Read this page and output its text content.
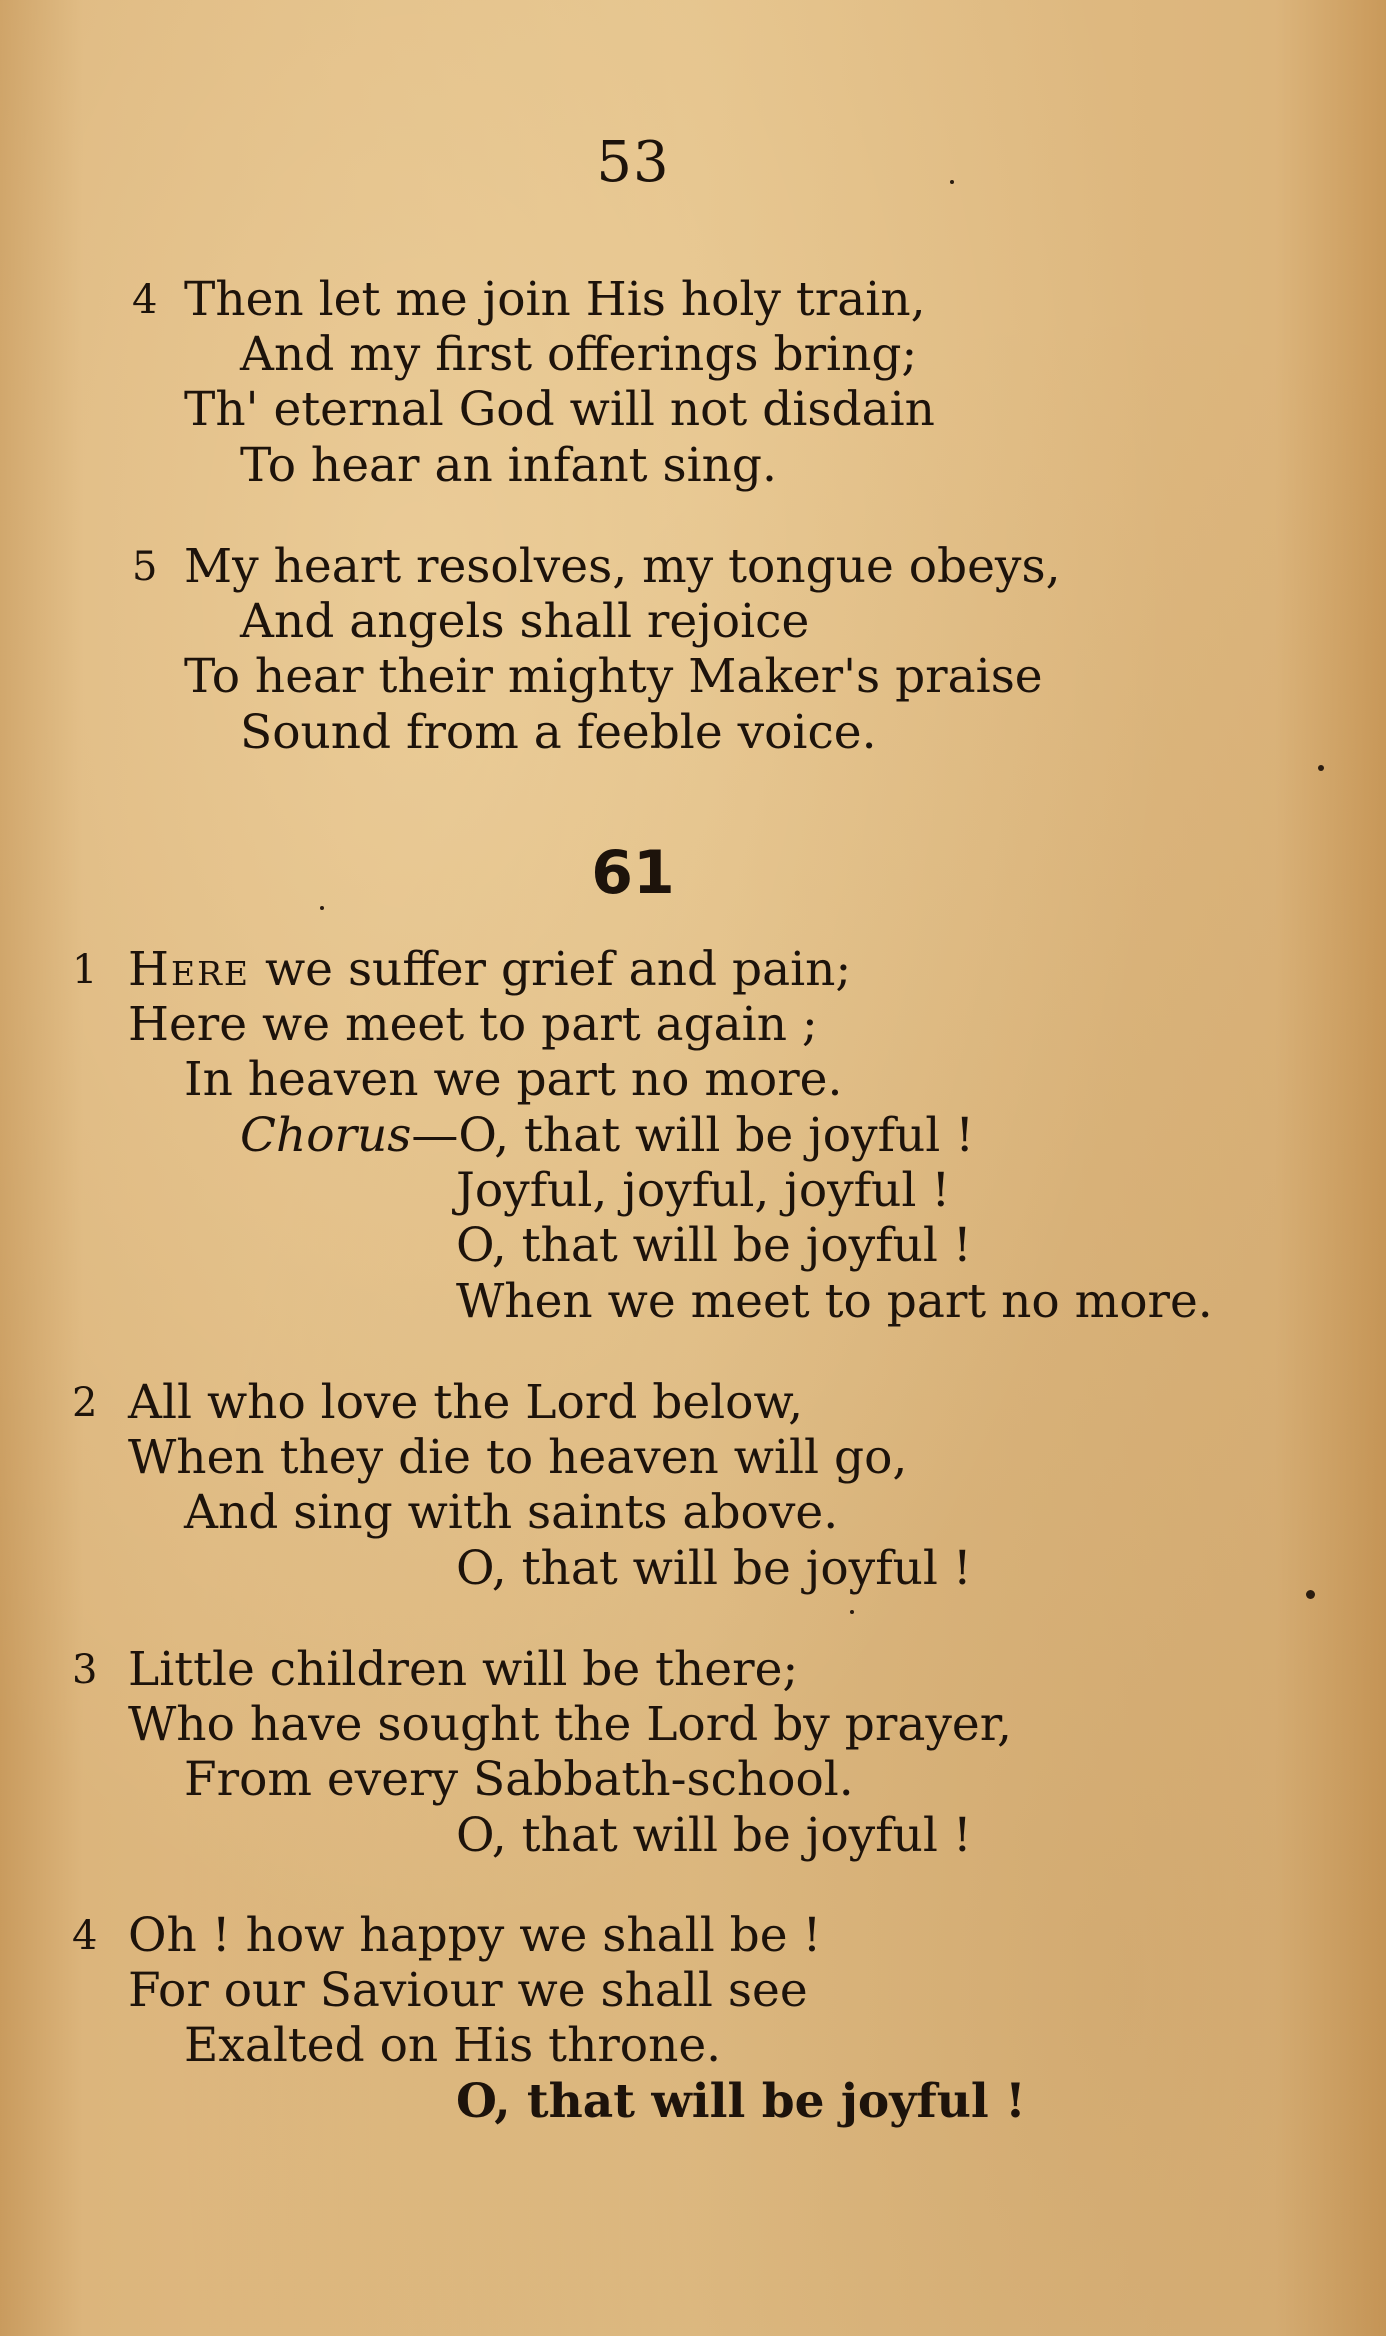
53
4 Then let me join His holy train,
And my first offerings bring;
Th' eternal God will not disdain
To hear an infant sing.
5 My heart resolves, my tongue obeys,
And angels shall rejoice
To hear their mighty Maker's praise
Sound from a feeble voice.
61
1 Here we suffer grief and pain;
Here we meet to part again ;
In heaven we part no more.
Chorus—O, that will be joyful !
Joyful, joyful, joyful !
O, that will be joyful !
When we meet to part no more.
2 All who love the Lord below,
When they die to heaven will go,
And sing with saints above.
O, that will be joyful !
3 Little children will be there;
Who have sought the Lord by prayer,
From every Sabbath-school.
O, that will be joyful !
4 Oh ! how happy we shall be !
For our Saviour we shall see
Exalted on His throne.
O, that will be joyful !
